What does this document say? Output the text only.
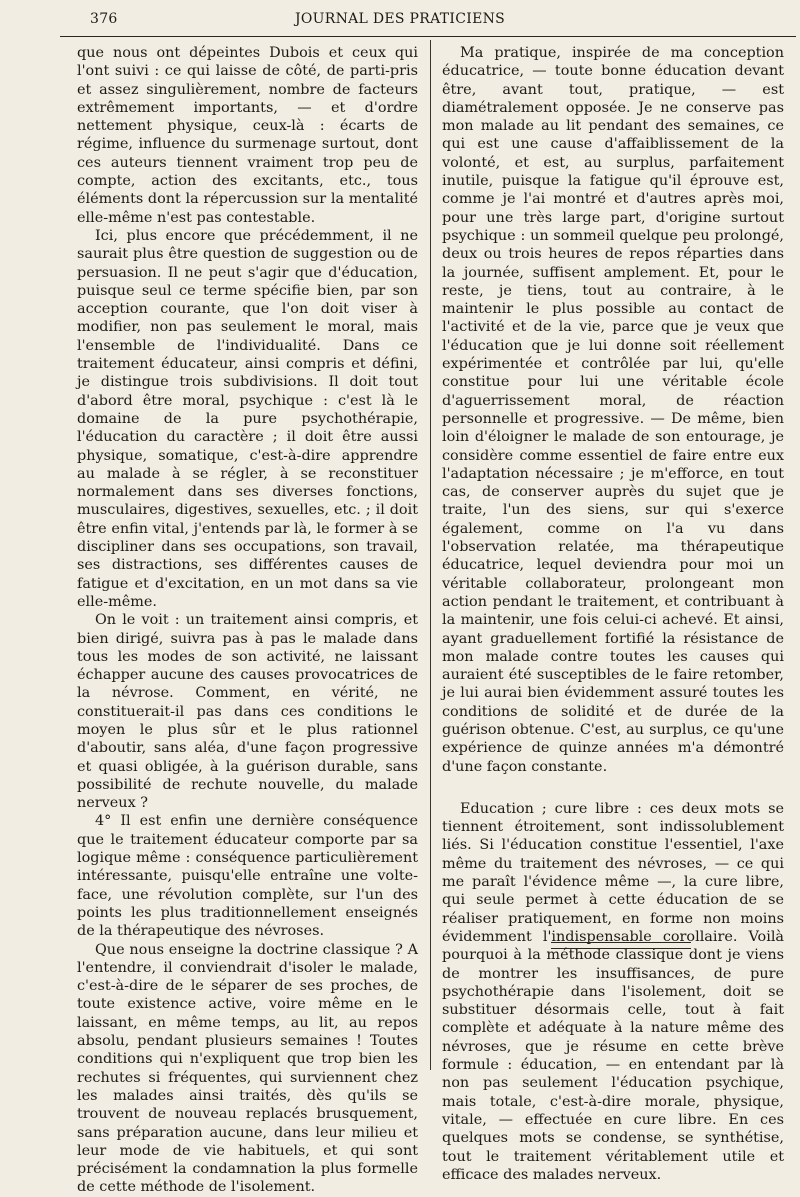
376	JOURNAL DES PRATICIENS

que nous ont dépeintes Dubois et ceux qui l'ont suivi : ce qui laisse de côté, de parti-pris et assez singulièrement, nombre de facteurs extrêmement importants, — et d'ordre nettement physique, ceux-là : écarts de régime, influence du surmenage surtout, dont ces auteurs tiennent vraiment trop peu de compte, action des excitants, etc., tous éléments dont la répercussion sur la mentalité elle-même n'est pas contestable.

Ici, plus encore que précédemment, il ne saurait plus être question de suggestion ou de persuasion. Il ne peut s'agir que d'éducation, puisque seul ce terme spécifie bien, par son acception courante, que l'on doit viser à modifier, non pas seulement le moral, mais l'ensemble de l'individualité. Dans ce traitement éducateur, ainsi compris et défini, je distingue trois subdivisions. Il doit tout d'abord être moral, psychique : c'est là le domaine de la pure psychothérapie, l'éducation du caractère ; il doit être aussi physique, somatique, c'est-à-dire apprendre au malade à se régler, à se reconstituer normalement dans ses diverses fonctions, musculaires, digestives, sexuelles, etc. ; il doit être enfin vital, j'entends par là, le former à se discipliner dans ses occupations, son travail, ses distractions, ses différentes causes de fatigue et d'excitation, en un mot dans sa vie elle-même.

On le voit : un traitement ainsi compris, et bien dirigé, suivra pas à pas le malade dans tous les modes de son activité, ne laissant échapper aucune des causes provocatrices de la névrose. Comment, en vérité, ne constituerait-il pas dans ces conditions le moyen le plus sûr et le plus rationnel d'aboutir, sans aléa, d'une façon progressive et quasi obligée, à la guérison durable, sans possibilité de rechute nouvelle, du malade nerveux ?

4° Il est enfin une dernière conséquence que le traitement éducateur comporte par sa logique même : conséquence particulièrement intéressante, puisqu'elle entraîne une volte-face, une révolution complète, sur l'un des points les plus traditionnellement enseignés de la thérapeutique des névroses.

Que nous enseigne la doctrine classique ? A l'entendre, il conviendrait d'isoler le malade, c'est-à-dire de le séparer de ses proches, de toute existence active, voire même en le laissant, en même temps, au lit, au repos absolu, pendant plusieurs semaines ! Toutes conditions qui n'expliquent que trop bien les rechutes si fréquentes, qui surviennent chez les malades ainsi traités, dès qu'ils se trouvent de nouveau replacés brusquement, sans préparation aucune, dans leur milieu et leur mode de vie habituels, et qui sont précisément la condamnation la plus formelle de cette méthode de l'isolement.

Ma pratique, inspirée de ma conception éducatrice, — toute bonne éducation devant être, avant tout, pratique, — est diamétralement opposée. Je ne conserve pas mon malade au lit pendant des semaines, ce qui est une cause d'affaiblissement de la volonté, et est, au surplus, parfaitement inutile, puisque la fatigue qu'il éprouve est, comme je l'ai montré et d'autres après moi, pour une très large part, d'origine surtout psychique : un sommeil quelque peu prolongé, deux ou trois heures de repos réparties dans la journée, suffisent amplement. Et, pour le reste, je tiens, tout au contraire, à le maintenir le plus possible au contact de l'activité et de la vie, parce que je veux que l'éducation que je lui donne soit réellement expérimentée et contrôlée par lui, qu'elle constitue pour lui une véritable école d'aguerrissement moral, de réaction personnelle et progressive. — De même, bien loin d'éloigner le malade de son entourage, je considère comme essentiel de faire entre eux l'adaptation nécessaire ; je m'efforce, en tout cas, de conserver auprès du sujet que je traite, l'un des siens, sur qui s'exerce également, comme on l'a vu dans l'observation relatée, ma thérapeutique éducatrice, lequel deviendra pour moi un véritable collaborateur, prolongeant mon action pendant le traitement, et contribuant à la maintenir, une fois celui-ci achevé. Et ainsi, ayant graduellement fortifié la résistance de mon malade contre toutes les causes qui auraient été susceptibles de le faire retomber, je lui aurai bien évidemment assuré toutes les conditions de solidité et de durée de la guérison obtenue. C'est, au surplus, ce qu'une expérience de quinze années m'a démontré d'une façon constante.

Education ; cure libre : ces deux mots se tiennent étroitement, sont indissolublement liés. Si l'éducation constitue l'essentiel, l'axe même du traitement des névroses, — ce qui me paraît l'évidence même —, la cure libre, qui seule permet à cette éducation de se réaliser pratiquement, en forme non moins évidemment l'indispensable corollaire. Voilà pourquoi à la méthode classique dont je viens de montrer les insuffisances, de pure psychothérapie dans l'isolement, doit se substituer désormais celle, tout à fait complète et adéquate à la nature même des névroses, que je résume en cette brève formule : éducation, — en entendant par là non pas seulement l'éducation psychique, mais totale, c'est-à-dire morale, physique, vitale, — effectuée en cure libre. En ces quelques mots se condense, se synthétise, tout le traitement véritablement utile et efficace des malades nerveux.
